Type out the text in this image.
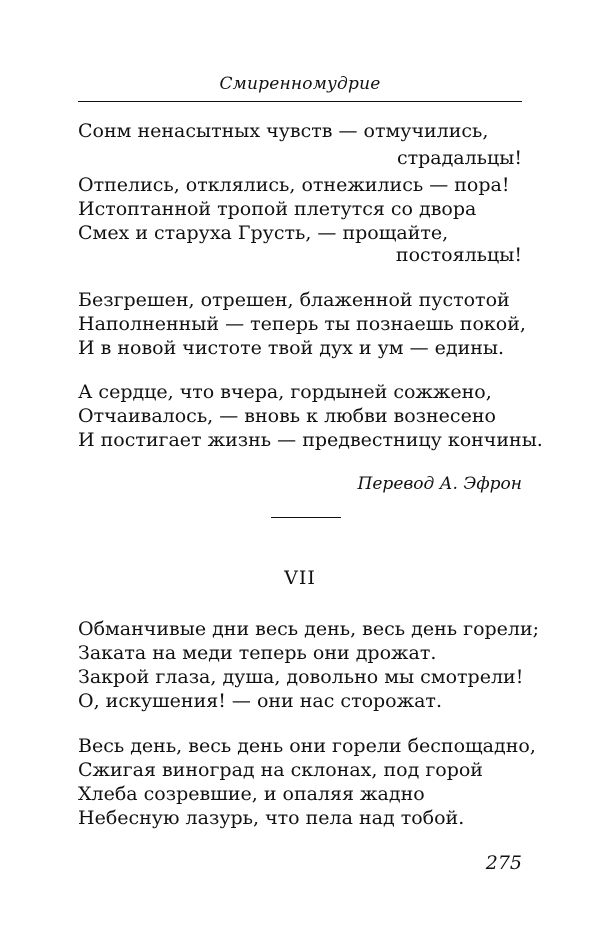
Смиренномудрие
Сонм ненасытных чувств — отмучились,
страдальцы!
Отпелись, отклялись, отнежились — пора!
Истоптанной тропой плетутся со двора
Смех и старуха Грусть, — прощайте,
постояльцы!
Безгрешен, отрешен, блаженной пустотой
Наполненный — теперь ты познаешь покой,
И в новой чистоте твой дух и ум — едины.
А сердце, что вчера, гордыней сожжено,
Отчаивалось, — вновь к любви вознесено
И постигает жизнь — предвестницу кончины.
Перевод А. Эфрон
VII
Обманчивые дни весь день, весь день горели;
Заката на меди теперь они дрожат.
Закрой глаза, душа, довольно мы смотрели!
О, искушения! — они нас сторожат.
Весь день, весь день они горели беспощадно,
Сжигая виноград на склонах, под горой
Хлеба созревшие, и опаляя жадно
Небесную лазурь, что пела над тобой.
275
